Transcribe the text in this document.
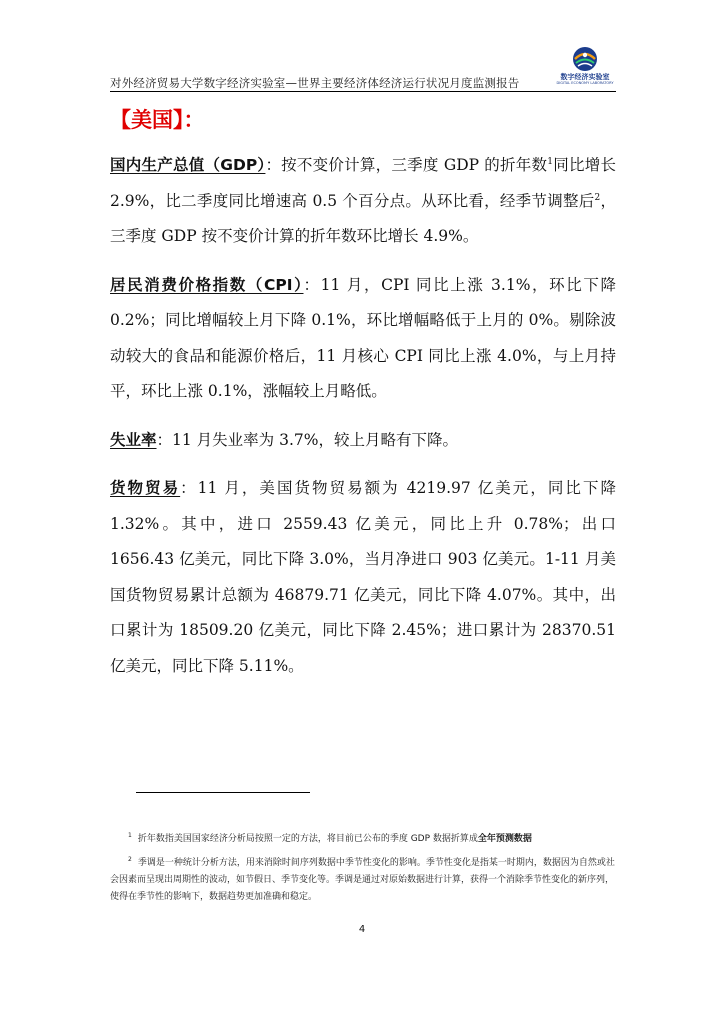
对外经济贸易大学数字经济实验室—世界主要经济体经济运行状况月度监测报告	数字经济实验室
DIGITAL ECONOMY LABORATORY
【美国】：

国内生产总值（GDP）：按不变价计算，三季度 GDP 的折年数$^1$同比增长 2.9%，比二季度同比增速高 0.5 个百分点。从环比看，经季节调整后$^2$，三季度 GDP 按不变价计算的折年数环比增长 4.9%。

居民消费价格指数（CPI）：11 月，CPI 同比上涨 3.1%，环比下降 0.2%；同比增幅较上月下降 0.1%，环比增幅略低于上月的 0%。剔除波动较大的食品和能源价格后，11 月核心 CPI 同比上涨 4.0%，与上月持平，环比上涨 0.1%，涨幅较上月略低。

失业率：11 月失业率为 3.7%，较上月略有下降。

货物贸易：11 月，美国货物贸易额为 4219.97 亿美元，同比下降 1.32%。其中，进口 2559.43 亿美元，同比上升 0.78%；出口 1656.43 亿美元，同比下降 3.0%，当月净进口 903 亿美元。1-11 月美国货物贸易累计总额为 46879.71 亿美元，同比下降 4.07%。其中，出口累计为 18509.20 亿美元，同比下降 2.45%；进口累计为 28370.51 亿美元，同比下降 5.11%。

$^1$ 折年数指美国国家经济分析局按照一定的方法，将目前已公布的季度 GDP 数据折算成全年预测数据

$^2$ 季调是一种统计分析方法，用来消除时间序列数据中季节性变化的影响。季节性变化是指某一时期内，数据因为自然或社会因素而呈现出周期性的波动，如节假日、季节变化等。季调是通过对原始数据进行计算，获得一个消除季节性变化的新序列，使得在季节性的影响下，数据趋势更加准确和稳定。

4
